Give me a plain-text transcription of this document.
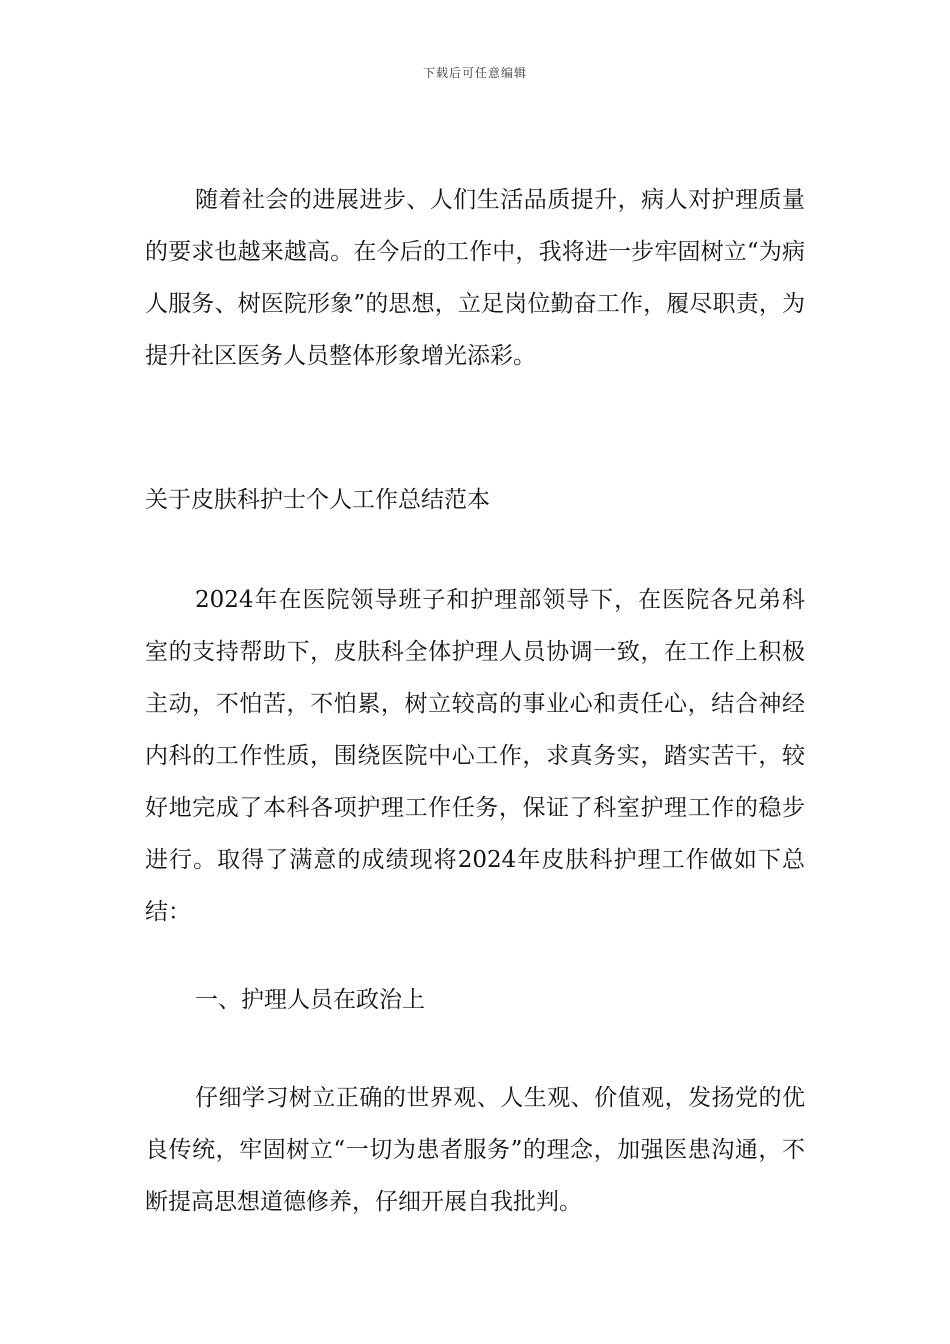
下载后可任意编辑

随着社会的进展进步、人们生活品质提升，病人对护理质量的要求也越来越高。在今后的工作中，我将进一步牢固树立“为病人服务、树医院形象”的思想，立足岗位勤奋工作，履尽职责，为提升社区医务人员整体形象增光添彩。

关于皮肤科护士个人工作总结范本

2024年在医院领导班子和护理部领导下，在医院各兄弟科室的支持帮助下，皮肤科全体护理人员协调一致，在工作上积极主动，不怕苦，不怕累，树立较高的事业心和责任心，结合神经内科的工作性质，围绕医院中心工作，求真务实，踏实苦干，较好地完成了本科各项护理工作任务，保证了科室护理工作的稳步进行。取得了满意的成绩现将2024年皮肤科护理工作做如下总结：

一、护理人员在政治上

仔细学习树立正确的世界观、人生观、价值观，发扬党的优良传统，牢固树立“一切为患者服务”的理念，加强医患沟通，不断提高思想道德修养，仔细开展自我批判。
